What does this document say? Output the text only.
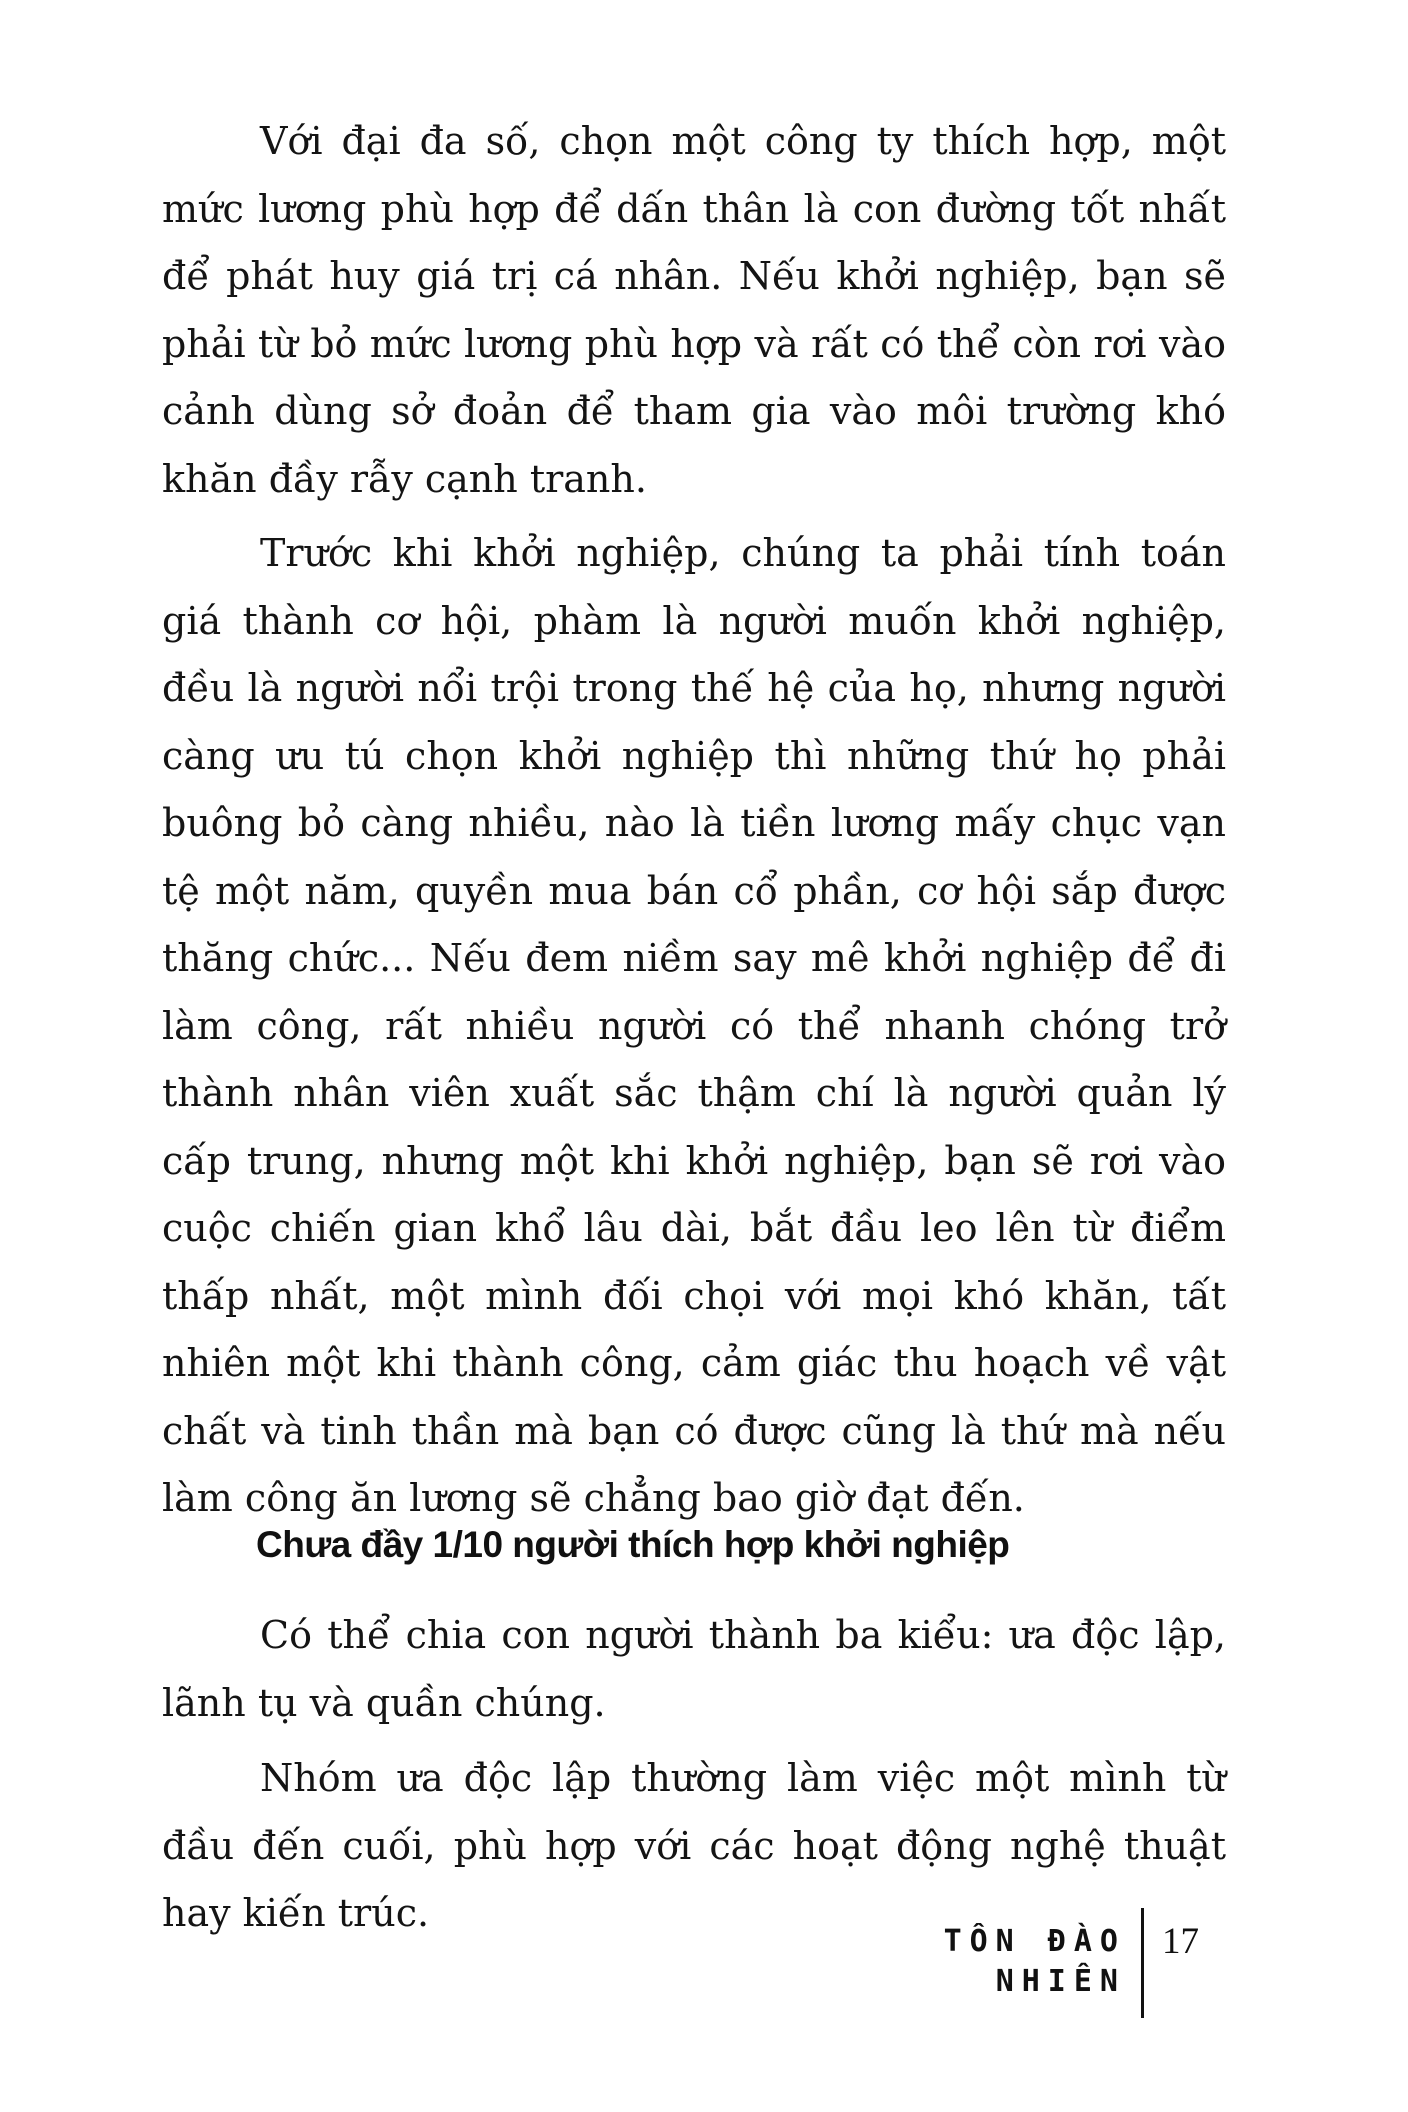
Với đại đa số, chọn một công ty thích hợp, một mức lương phù hợp để dấn thân là con đường tốt nhất để phát huy giá trị cá nhân. Nếu khởi nghiệp, bạn sẽ phải từ bỏ mức lương phù hợp và rất có thể còn rơi vào cảnh dùng sở đoản để tham gia vào môi trường khó khăn đầy rẫy cạnh tranh.

Trước khi khởi nghiệp, chúng ta phải tính toán giá thành cơ hội, phàm là người muốn khởi nghiệp, đều là người nổi trội trong thế hệ của họ, nhưng người càng ưu tú chọn khởi nghiệp thì những thứ họ phải buông bỏ càng nhiều, nào là tiền lương mấy chục vạn tệ một năm, quyền mua bán cổ phần, cơ hội sắp được thăng chức... Nếu đem niềm say mê khởi nghiệp để đi làm công, rất nhiều người có thể nhanh chóng trở thành nhân viên xuất sắc thậm chí là người quản lý cấp trung, nhưng một khi khởi nghiệp, bạn sẽ rơi vào cuộc chiến gian khổ lâu dài, bắt đầu leo lên từ điểm thấp nhất, một mình đối chọi với mọi khó khăn, tất nhiên một khi thành công, cảm giác thu hoạch về vật chất và tinh thần mà bạn có được cũng là thứ mà nếu làm công ăn lương sẽ chẳng bao giờ đạt đến.

Chưa đầy 1/10 người thích hợp khởi nghiệp

Có thể chia con người thành ba kiểu: ưa độc lập, lãnh tụ và quần chúng.

Nhóm ưa độc lập thường làm việc một mình từ đầu đến cuối, phù hợp với các hoạt động nghệ thuật hay kiến trúc.

TÔN ĐÀO NHIÊN
17
